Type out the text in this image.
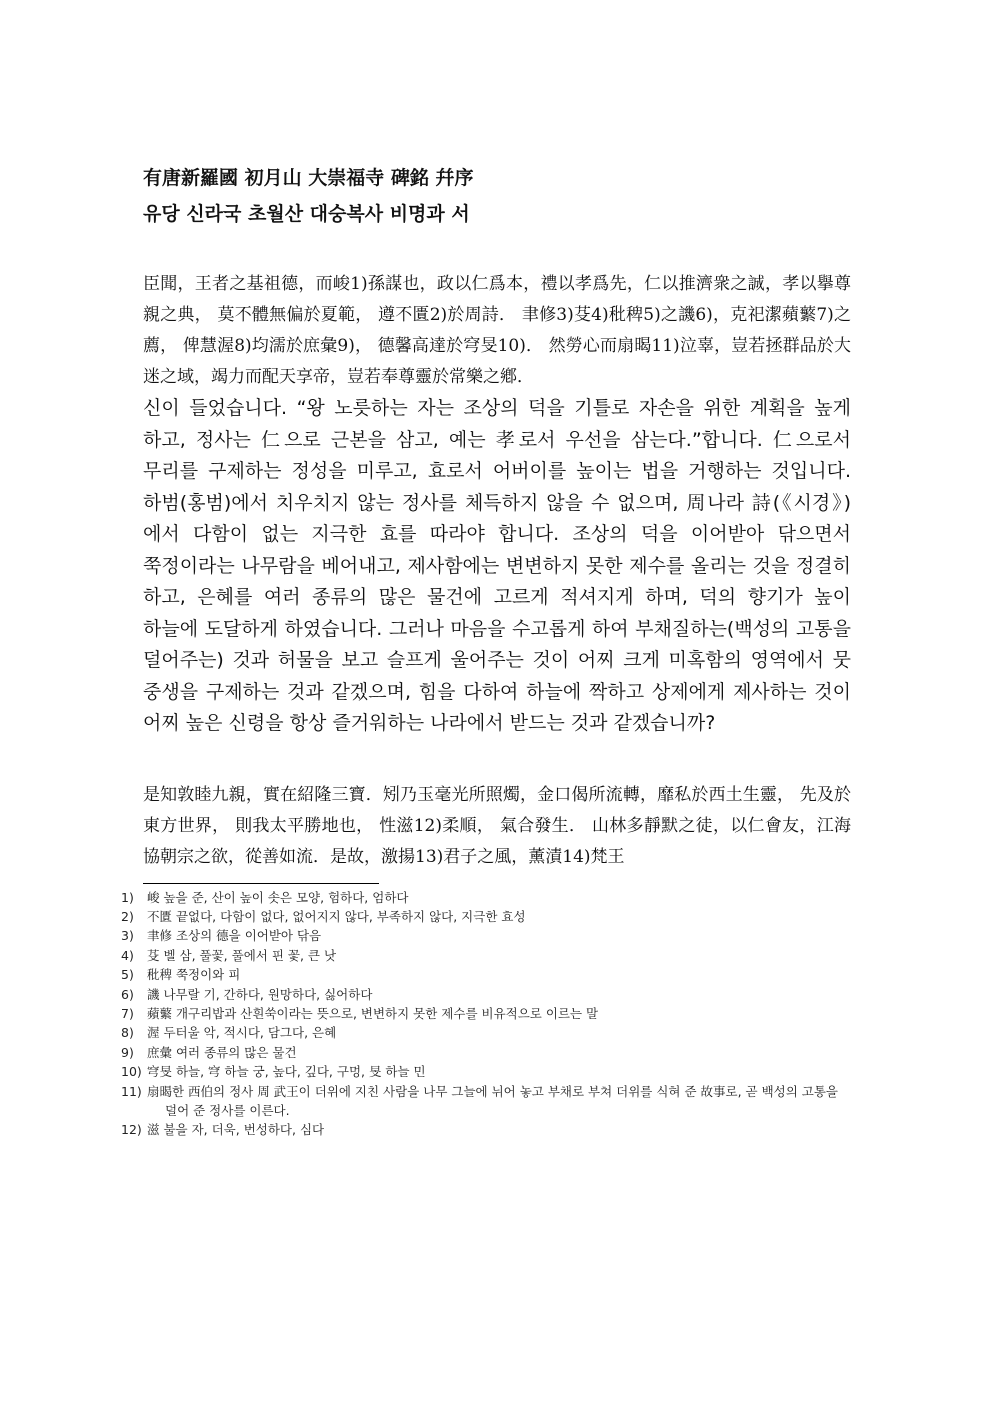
有唐新羅國 初月山 大崇福寺 碑銘 幷序
유당 신라국 초월산 대숭복사 비명과 서

臣聞，王者之基祖德，而峻1)孫謀也，政以仁爲本，禮以孝爲先，仁以推濟衆之誠，孝以擧尊親之典， 莫不體無偏於夏範， 遵不匱2)於周詩． 聿修3)芟4)秕稗5)之譏6)，克祀潔蘋蘩7)之薦， 俾慧渥8)均濡於庶彙9)， 德馨高達於穹旻10)． 然勞心而扇暍11)泣辜，豈若拯群品於大迷之域，竭力而配天享帝，豈若奉尊靈於常樂之鄕．

신이 들었습니다. “왕 노릇하는 자는 조상의 덕을 기틀로 자손을 위한 계획을 높게 하고, 정사는 仁으로 근본을 삼고, 예는 孝로서 우선을 삼는다.”합니다. 仁으로서 무리를 구제하는 정성을 미루고, 효로서 어버이를 높이는 법을 거행하는 것입니다. 하범(홍범)에서 치우치지 않는 정사를 체득하지 않을 수 없으며, 周나라 詩(《시경》)에서 다함이 없는 지극한 효를 따라야 합니다. 조상의 덕을 이어받아 닦으면서 쭉정이라는 나무람을 베어내고, 제사함에는 변변하지 못한 제수를 올리는 것을 정결히 하고, 은혜를 여러 종류의 많은 물건에 고르게 적셔지게 하며, 덕의 향기가 높이 하늘에 도달하게 하였습니다. 그러나 마음을 수고롭게 하여 부채질하는(백성의 고통을 덜어주는) 것과 허물을 보고 슬프게 울어주는 것이 어찌 크게 미혹함의 영역에서 뭇 중생을 구제하는 것과 같겠으며, 힘을 다하여 하늘에 짝하고 상제에게 제사하는 것이 어찌 높은 신령을 항상 즐거워하는 나라에서 받드는 것과 같겠습니까?

是知敦睦九親，實在紹隆三寶．矧乃玉毫光所照燭，金口偈所流轉，靡私於西土生靈， 先及於東方世界， 則我太平勝地也， 性滋12)柔順， 氣合發生． 山林多靜默之徒，以仁會友，江海協朝宗之欲，從善如流．是故，激揚13)君子之風，薰漬14)梵王

1) 峻 높을 준, 산이 높이 솟은 모양, 험하다, 엄하다
2) 不匱 끝없다, 다함이 없다, 없어지지 않다, 부족하지 않다, 지극한 효성
3) 聿修 조상의 德을 이어받아 닦음
4) 芟 벨 삼, 풀꽃, 풀에서 핀 꽃, 큰 낫
5) 秕稗 쭉정이와 피
6) 譏 나무랄 기, 간하다, 원망하다, 싫어하다
7) 蘋蘩 개구리밥과 산흰쑥이라는 뜻으로, 변변하지 못한 제수를 비유적으로 이르는 말
8) 渥 두터울 악, 적시다, 담그다, 은혜
9) 庶彙 여러 종류의 많은 물건
10) 穹旻 하늘, 穹 하늘 궁, 높다, 깊다, 구멍, 旻 하늘 민
11) 扇暍한 西伯의 정사 周 武王이 더위에 지친 사람을 나무 그늘에 뉘어 놓고 부채로 부쳐 더위를 식혀 준 故事로, 곧 백성의 고통을 덜어 준 정사를 이른다.
12) 滋 불을 자, 더욱, 번성하다, 심다
